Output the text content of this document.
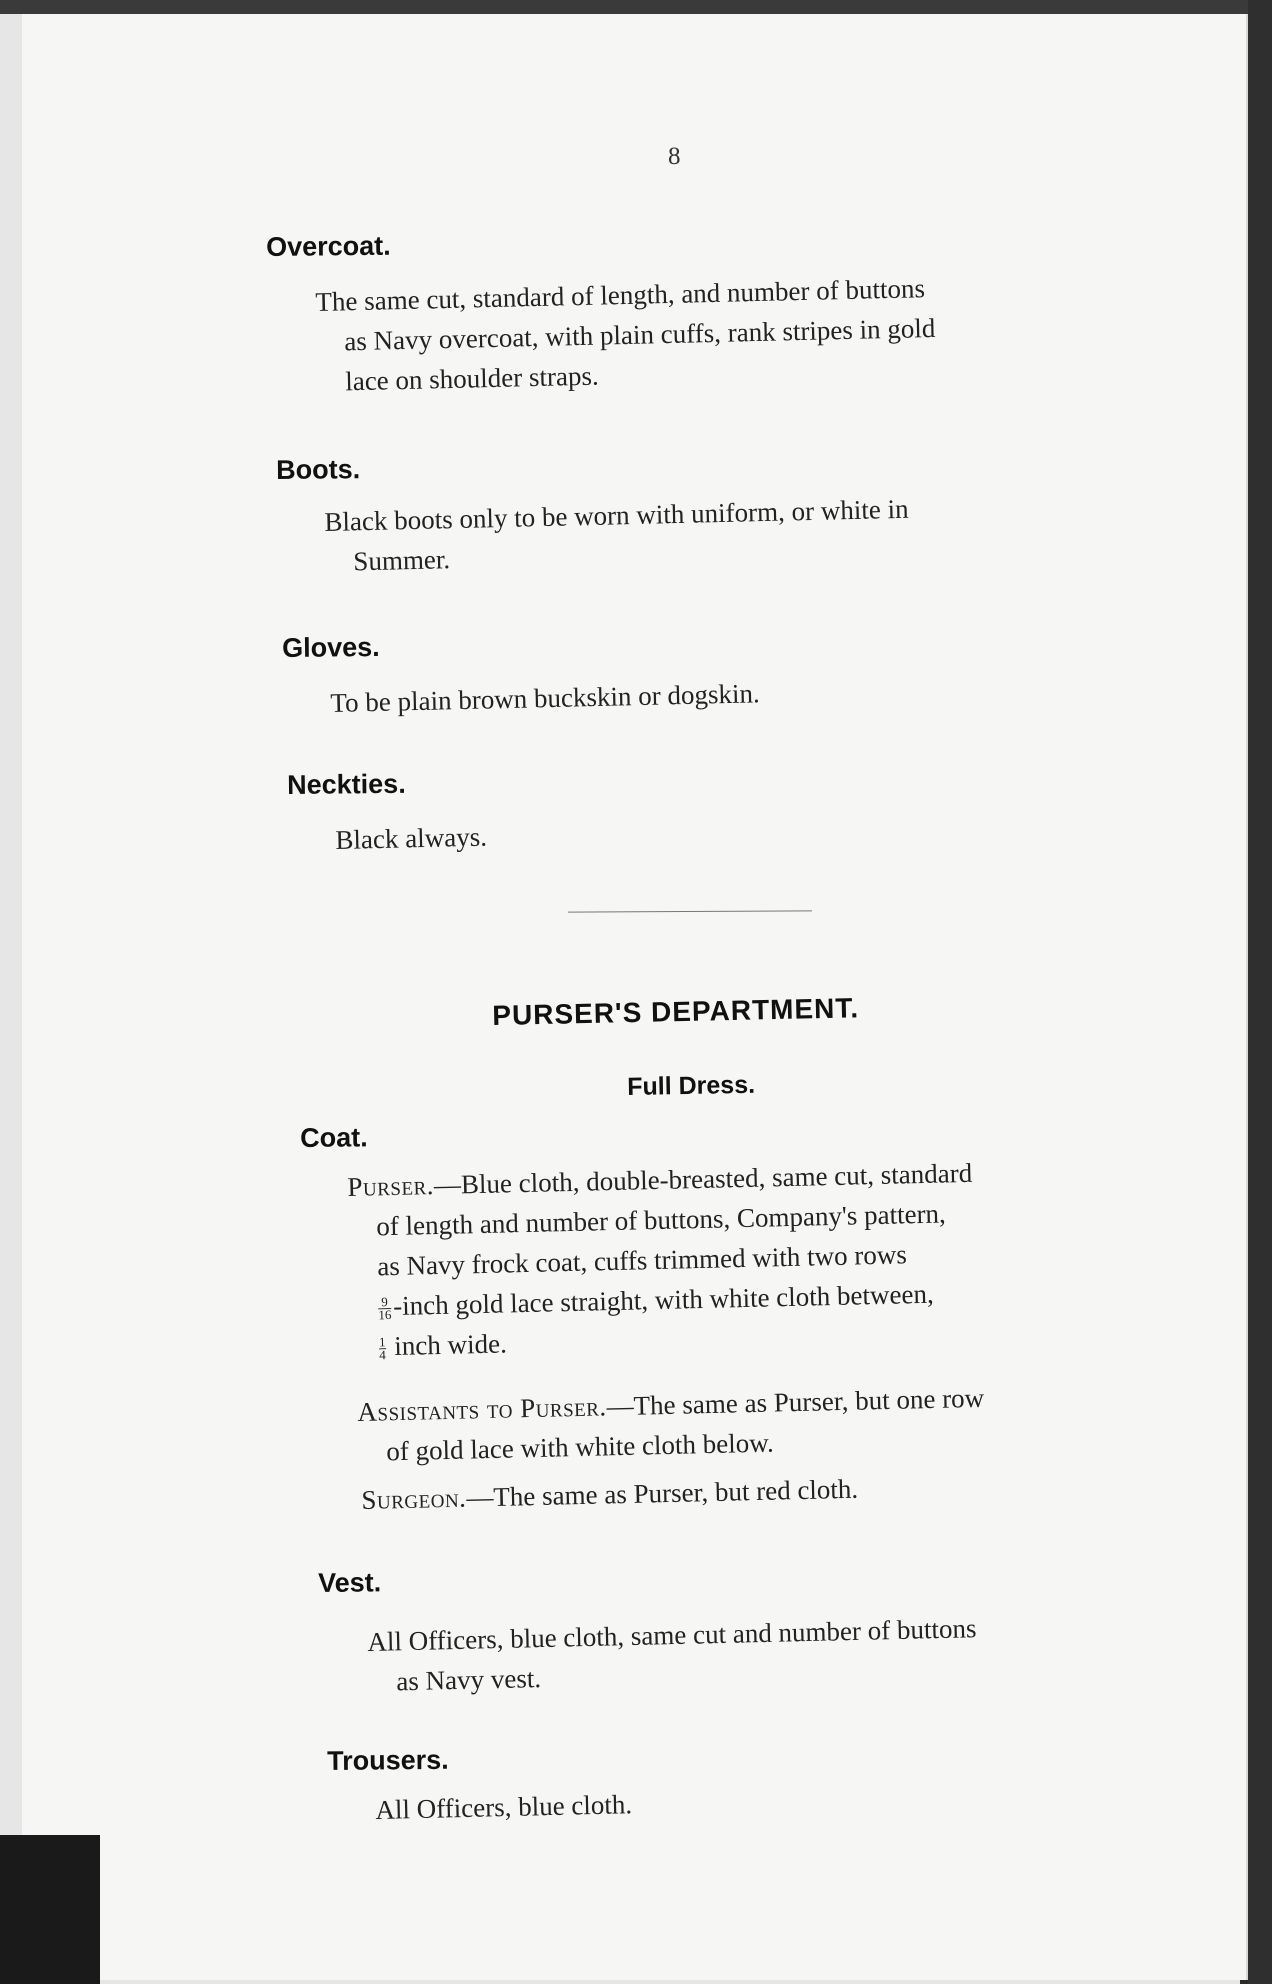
8
Overcoat.
The same cut, standard of length, and number of buttons
as Navy overcoat, with plain cuffs, rank stripes in gold
lace on shoulder straps.
Boots.
Black boots only to be worn with uniform, or white in
Summer.
Gloves.
To be plain brown buckskin or dogskin.
Neckties.
Black always.
PURSER'S DEPARTMENT.
Full Dress.
Coat.
Purser.—Blue cloth, double-breasted, same cut, standard
of length and number of buttons, Company's pattern,
as Navy frock coat, cuffs trimmed with two rows
$\frac{9}{16}$ -inch gold lace straight, with white cloth between,
$\frac{1}{4}$ inch wide.
Assistants to Purser.—The same as Purser, but one row
of gold lace with white cloth below.
Surgeon.—The same as Purser, but red cloth.
Vest.
All Officers, blue cloth, same cut and number of buttons
as Navy vest.
Trousers.
All Officers, blue cloth.
